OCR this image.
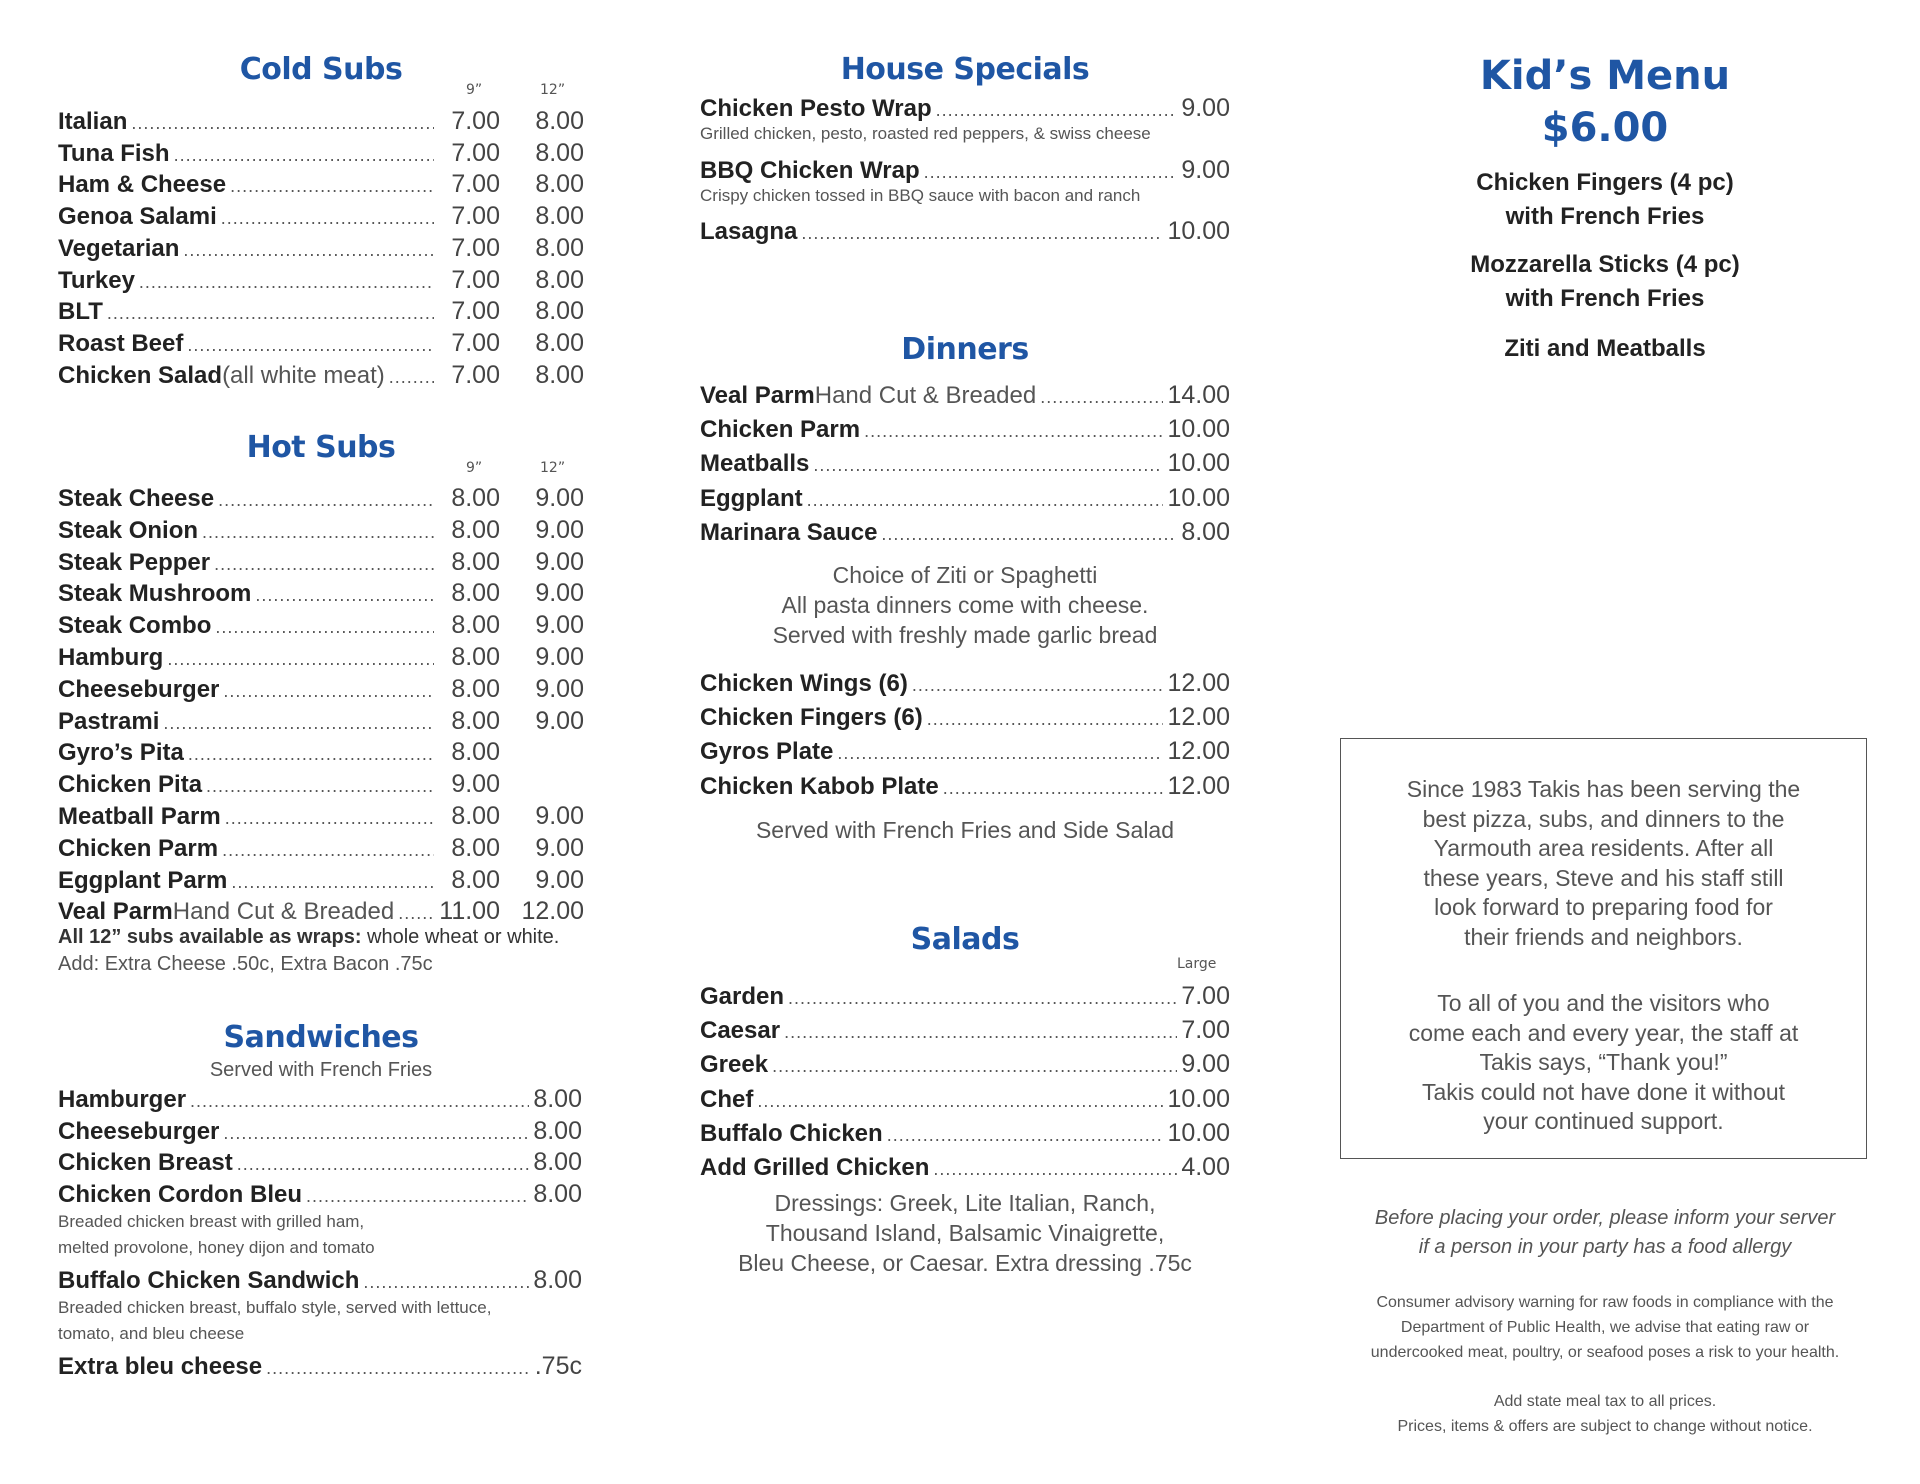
Cold Subs
9”	12”
Italian .....	7.00	8.00
Tuna Fish .....	7.00	8.00
Ham & Cheese .....	7.00	8.00
Genoa Salami .....	7.00	8.00
Vegetarian .....	7.00	8.00
Turkey .....	7.00	8.00
BLT .....	7.00	8.00
Roast Beef .....	7.00	8.00
Chicken Salad (all white meat) .....	7.00	8.00
Hot Subs
9”	12”
Steak Cheese .....	8.00	9.00
Steak Onion .....	8.00	9.00
Steak Pepper .....	8.00	9.00
Steak Mushroom .....	8.00	9.00
Steak Combo .....	8.00	9.00
Hamburg .....	8.00	9.00
Cheeseburger .....	8.00	9.00
Pastrami .....	8.00	9.00
Gyro’s Pita .....	8.00
Chicken Pita .....	9.00
Meatball Parm .....	8.00	9.00
Chicken Parm .....	8.00	9.00
Eggplant Parm .....	8.00	9.00
Veal Parm Hand Cut & Breaded ..... 11.00 12.00
All 12” subs available as wraps: whole wheat or white.
Add: Extra Cheese .50c, Extra Bacon .75c
Sandwiches
Served with French Fries
Hamburger .....	8.00
Cheeseburger .....	8.00
Chicken Breast .....	8.00
Chicken Cordon Bleu .....	8.00
Breaded chicken breast with grilled ham,
melted provolone, honey dijon and tomato
Buffalo Chicken Sandwich .....	8.00
Breaded chicken breast, buffalo style, served with lettuce,
tomato, and bleu cheese
Extra bleu cheese .....	.75c
House Specials
Chicken Pesto Wrap .....	9.00
Grilled chicken, pesto, roasted red peppers, & swiss cheese
BBQ Chicken Wrap .....	9.00
Crispy chicken tossed in BBQ sauce with bacon and ranch
Lasagna .....	10.00
Dinners
Veal Parm Hand Cut & Breaded .....	14.00
Chicken Parm .....	10.00
Meatballs .....	10.00
Eggplant .....	10.00
Marinara Sauce .....	8.00
Choice of Ziti or Spaghetti
All pasta dinners come with cheese.
Served with freshly made garlic bread
Chicken Wings (6) .....	12.00
Chicken Fingers (6) .....	12.00
Gyros Plate .....	12.00
Chicken Kabob Plate .....	12.00
Served with French Fries and Side Salad
Salads
Large
Garden .....	7.00
Caesar .....	7.00
Greek .....	9.00
Chef .....	10.00
Buffalo Chicken .....	10.00
Add Grilled Chicken .....	4.00
Dressings: Greek, Lite Italian, Ranch,
Thousand Island, Balsamic Vinaigrette,
Bleu Cheese, or Caesar. Extra dressing .75c
Kid’s Menu
$6.00
Chicken Fingers (4 pc)
with French Fries
Mozzarella Sticks (4 pc)
with French Fries
Ziti and Meatballs
Since 1983 Takis has been serving the
best pizza, subs, and dinners to the
Yarmouth area residents. After all
these years, Steve and his staff still
look forward to preparing food for
their friends and neighbors.
To all of you and the visitors who
come each and every year, the staff at
Takis says, “Thank you!”
Takis could not have done it without
your continued support.
Before placing your order, please inform your server
if a person in your party has a food allergy
Consumer advisory warning for raw foods in compliance with the
Department of Public Health, we advise that eating raw or
undercooked meat, poultry, or seafood poses a risk to your health.
Add state meal tax to all prices.
Prices, items & offers are subject to change without notice.
